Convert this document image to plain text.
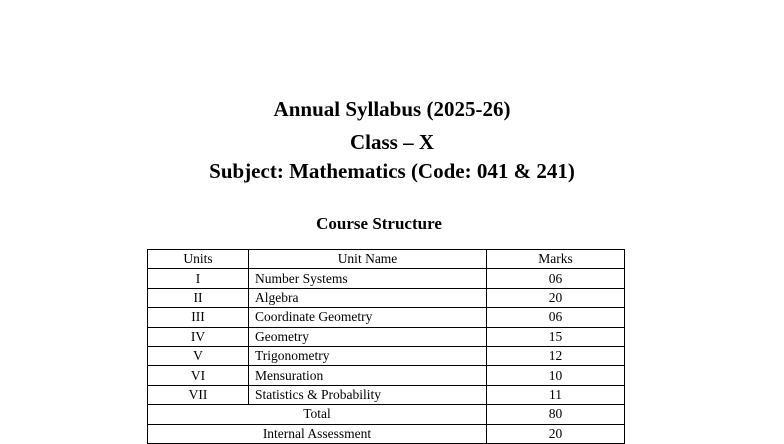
Annual Syllabus (2025-26)
Class – X
Subject: Mathematics (Code: 041 & 241)
Course Structure
Units	Unit Name	Marks
I	Number Systems	06
II	Algebra	20
III	Coordinate Geometry	06
IV	Geometry	15
V	Trigonometry	12
VI	Mensuration	10
VII	Statistics & Probability	11
Total		80
Internal Assessment		20
